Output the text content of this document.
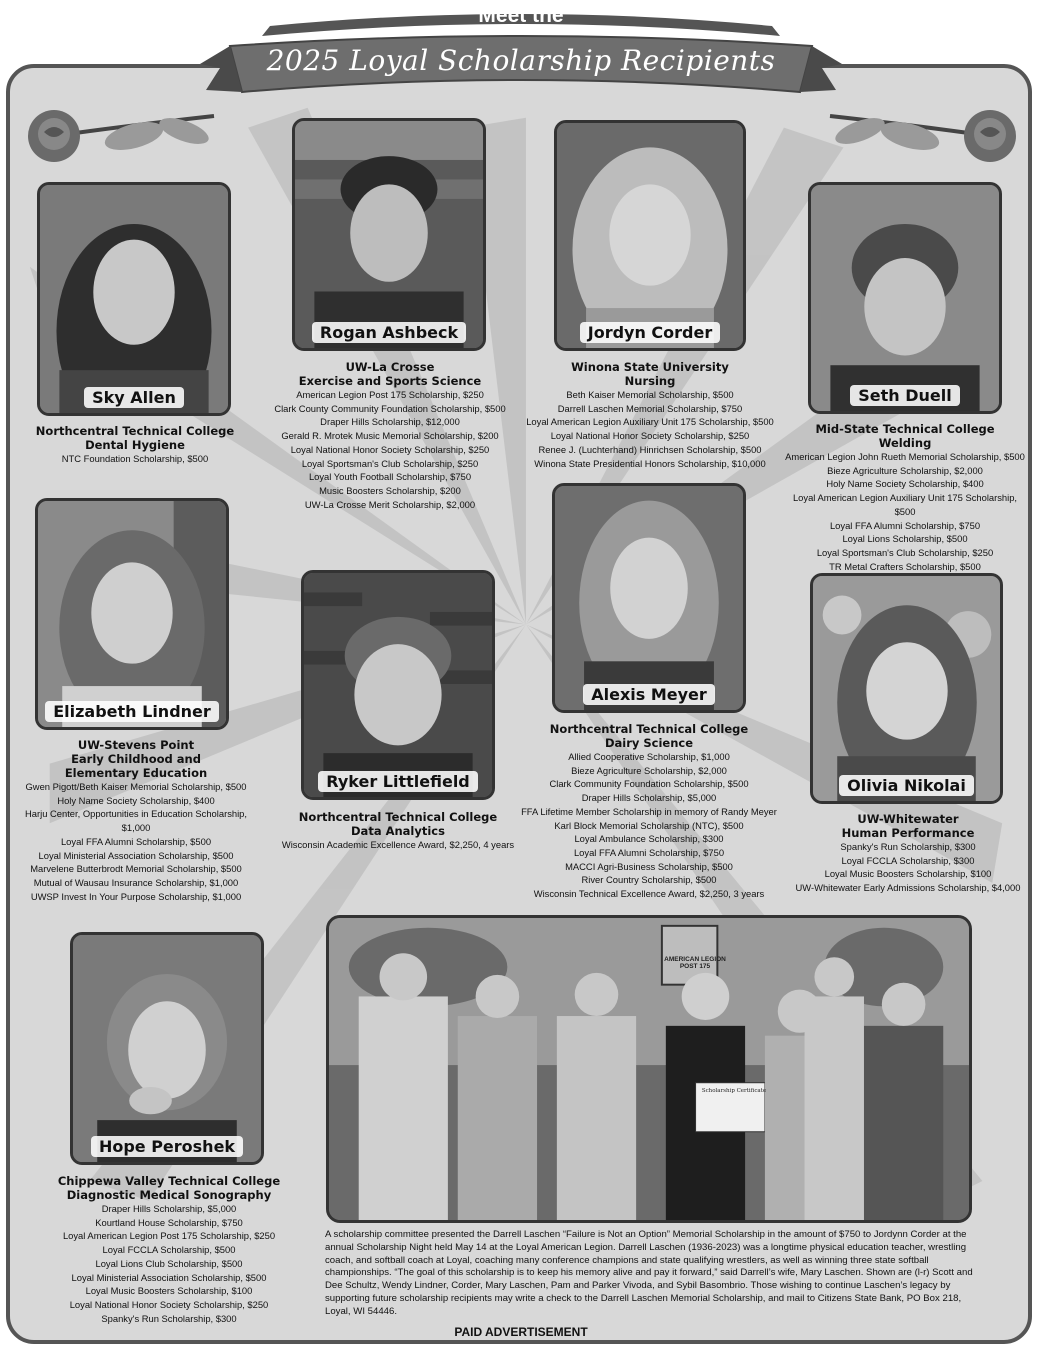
Meet the
2025 Loyal Scholarship Recipients
Sky Allen
Northcentral Technical College
Dental Hygiene
NTC Foundation Scholarship, $500
Rogan Ashbeck
UW-La Crosse
Exercise and Sports Science
American Legion Post 175 Scholarship, $250
Clark County Community Foundation Scholarship, $500
Draper Hills Scholarship, $12,000
Gerald R. Mrotek Music Memorial Scholarship, $200
Loyal National Honor Society Scholarship, $250
Loyal Sportsman's Club Scholarship, $250
Loyal Youth Football Scholarship, $750
Music Boosters Scholarship, $200
UW-La Crosse Merit Scholarship, $2,000
Jordyn Corder
Winona State University
Nursing
Beth Kaiser Memorial Scholarship, $500
Darrell Laschen Memorial Scholarship, $750
Loyal American Legion Auxiliary Unit 175 Scholarship, $500
Loyal National Honor Society Scholarship, $250
Renee J. (Luchterhand) Hinrichsen Scholarship, $500
Winona State Presidential Honors Scholarship, $10,000
Seth Duell
Mid-State Technical College
Welding
American Legion John Rueth Memorial Scholarship, $500
Bieze Agriculture Scholarship, $2,000
Holy Name Society Scholarship, $400
Loyal American Legion Auxiliary Unit 175 Scholarship, $500
Loyal FFA Alumni Scholarship, $750
Loyal Lions Scholarship, $500
Loyal Sportsman's Club Scholarship, $250
TR Metal Crafters Scholarship, $500
Elizabeth Lindner
UW-Stevens Point
Early Childhood and
Elementary Education
Gwen Pigott/Beth Kaiser Memorial Scholarship, $500
Holy Name Society Scholarship, $400
Harju Center, Opportunities in Education Scholarship, $1,000
Loyal FFA Alumni Scholarship, $500
Loyal Ministerial Association Scholarship, $500
Marvelene Butterbrodt Memorial Scholarship, $500
Mutual of Wausau Insurance Scholarship, $1,000
UWSP Invest In Your Purpose Scholarship, $1,000
Ryker Littlefield
Northcentral Technical College
Data Analytics
Wisconsin Academic Excellence Award, $2,250, 4 years
Alexis Meyer
Northcentral Technical College
Dairy Science
Allied Cooperative Scholarship, $1,000
Bieze Agriculture Scholarship, $2,000
Clark Community Foundation Scholarship, $500
Draper Hills Scholarship, $5,000
FFA Lifetime Member Scholarship in memory of Randy Meyer
Karl Block Memorial Scholarship (NTC), $500
Loyal Ambulance Scholarship, $300
Loyal FFA Alumni Scholarship, $750
MACCI Agri-Business Scholarship, $500
River Country Scholarship, $500
Wisconsin Technical Excellence Award, $2,250, 3 years
Olivia Nikolai
UW-Whitewater
Human Performance
Spanky's Run Scholarship, $300
Loyal FCCLA Scholarship, $300
Loyal Music Boosters Scholarship, $100
UW-Whitewater Early Admissions Scholarship, $4,000
Hope Peroshek
Chippewa Valley Technical College
Diagnostic Medical Sonography
Draper Hills Scholarship, $5,000
Kourtland House Scholarship, $750
Loyal American Legion Post 175 Scholarship, $250
Loyal FCCLA Scholarship, $500
Loyal Lions Club Scholarship, $500
Loyal Ministerial Association Scholarship, $500
Loyal Music Boosters Scholarship, $100
Loyal National Honor Society Scholarship, $250
Spanky's Run Scholarship, $300
AMERICAN LEGION POST 175
Scholarship Certificate
A scholarship committee presented the Darrell Laschen “Failure is Not an Option” Memorial Scholarship in the amount of $750 to Jordynn Corder at the annual Scholarship Night held May 14 at the Loyal American Legion. Darrell Laschen (1936-2023) was a longtime physical education teacher, wrestling coach, and softball coach at Loyal, coaching many conference champions and state qualifying wrestlers, as well as winning three state softball championships. “The goal of this scholarship is to keep his memory alive and pay it forward,” said Darrell’s wife, Mary Laschen. Shown are (l-r) Scott and Dee Schultz, Wendy Lindner, Corder, Mary Laschen, Pam and Parker Vivoda, and Sybil Basombrio. Those wishing to continue Laschen’s legacy by supporting future scholarship recipients may write a check to the Darrell Laschen Memorial Scholarship, and mail to Citizens State Bank, PO Box 218, Loyal, WI 54446.
PAID ADVERTISEMENT
